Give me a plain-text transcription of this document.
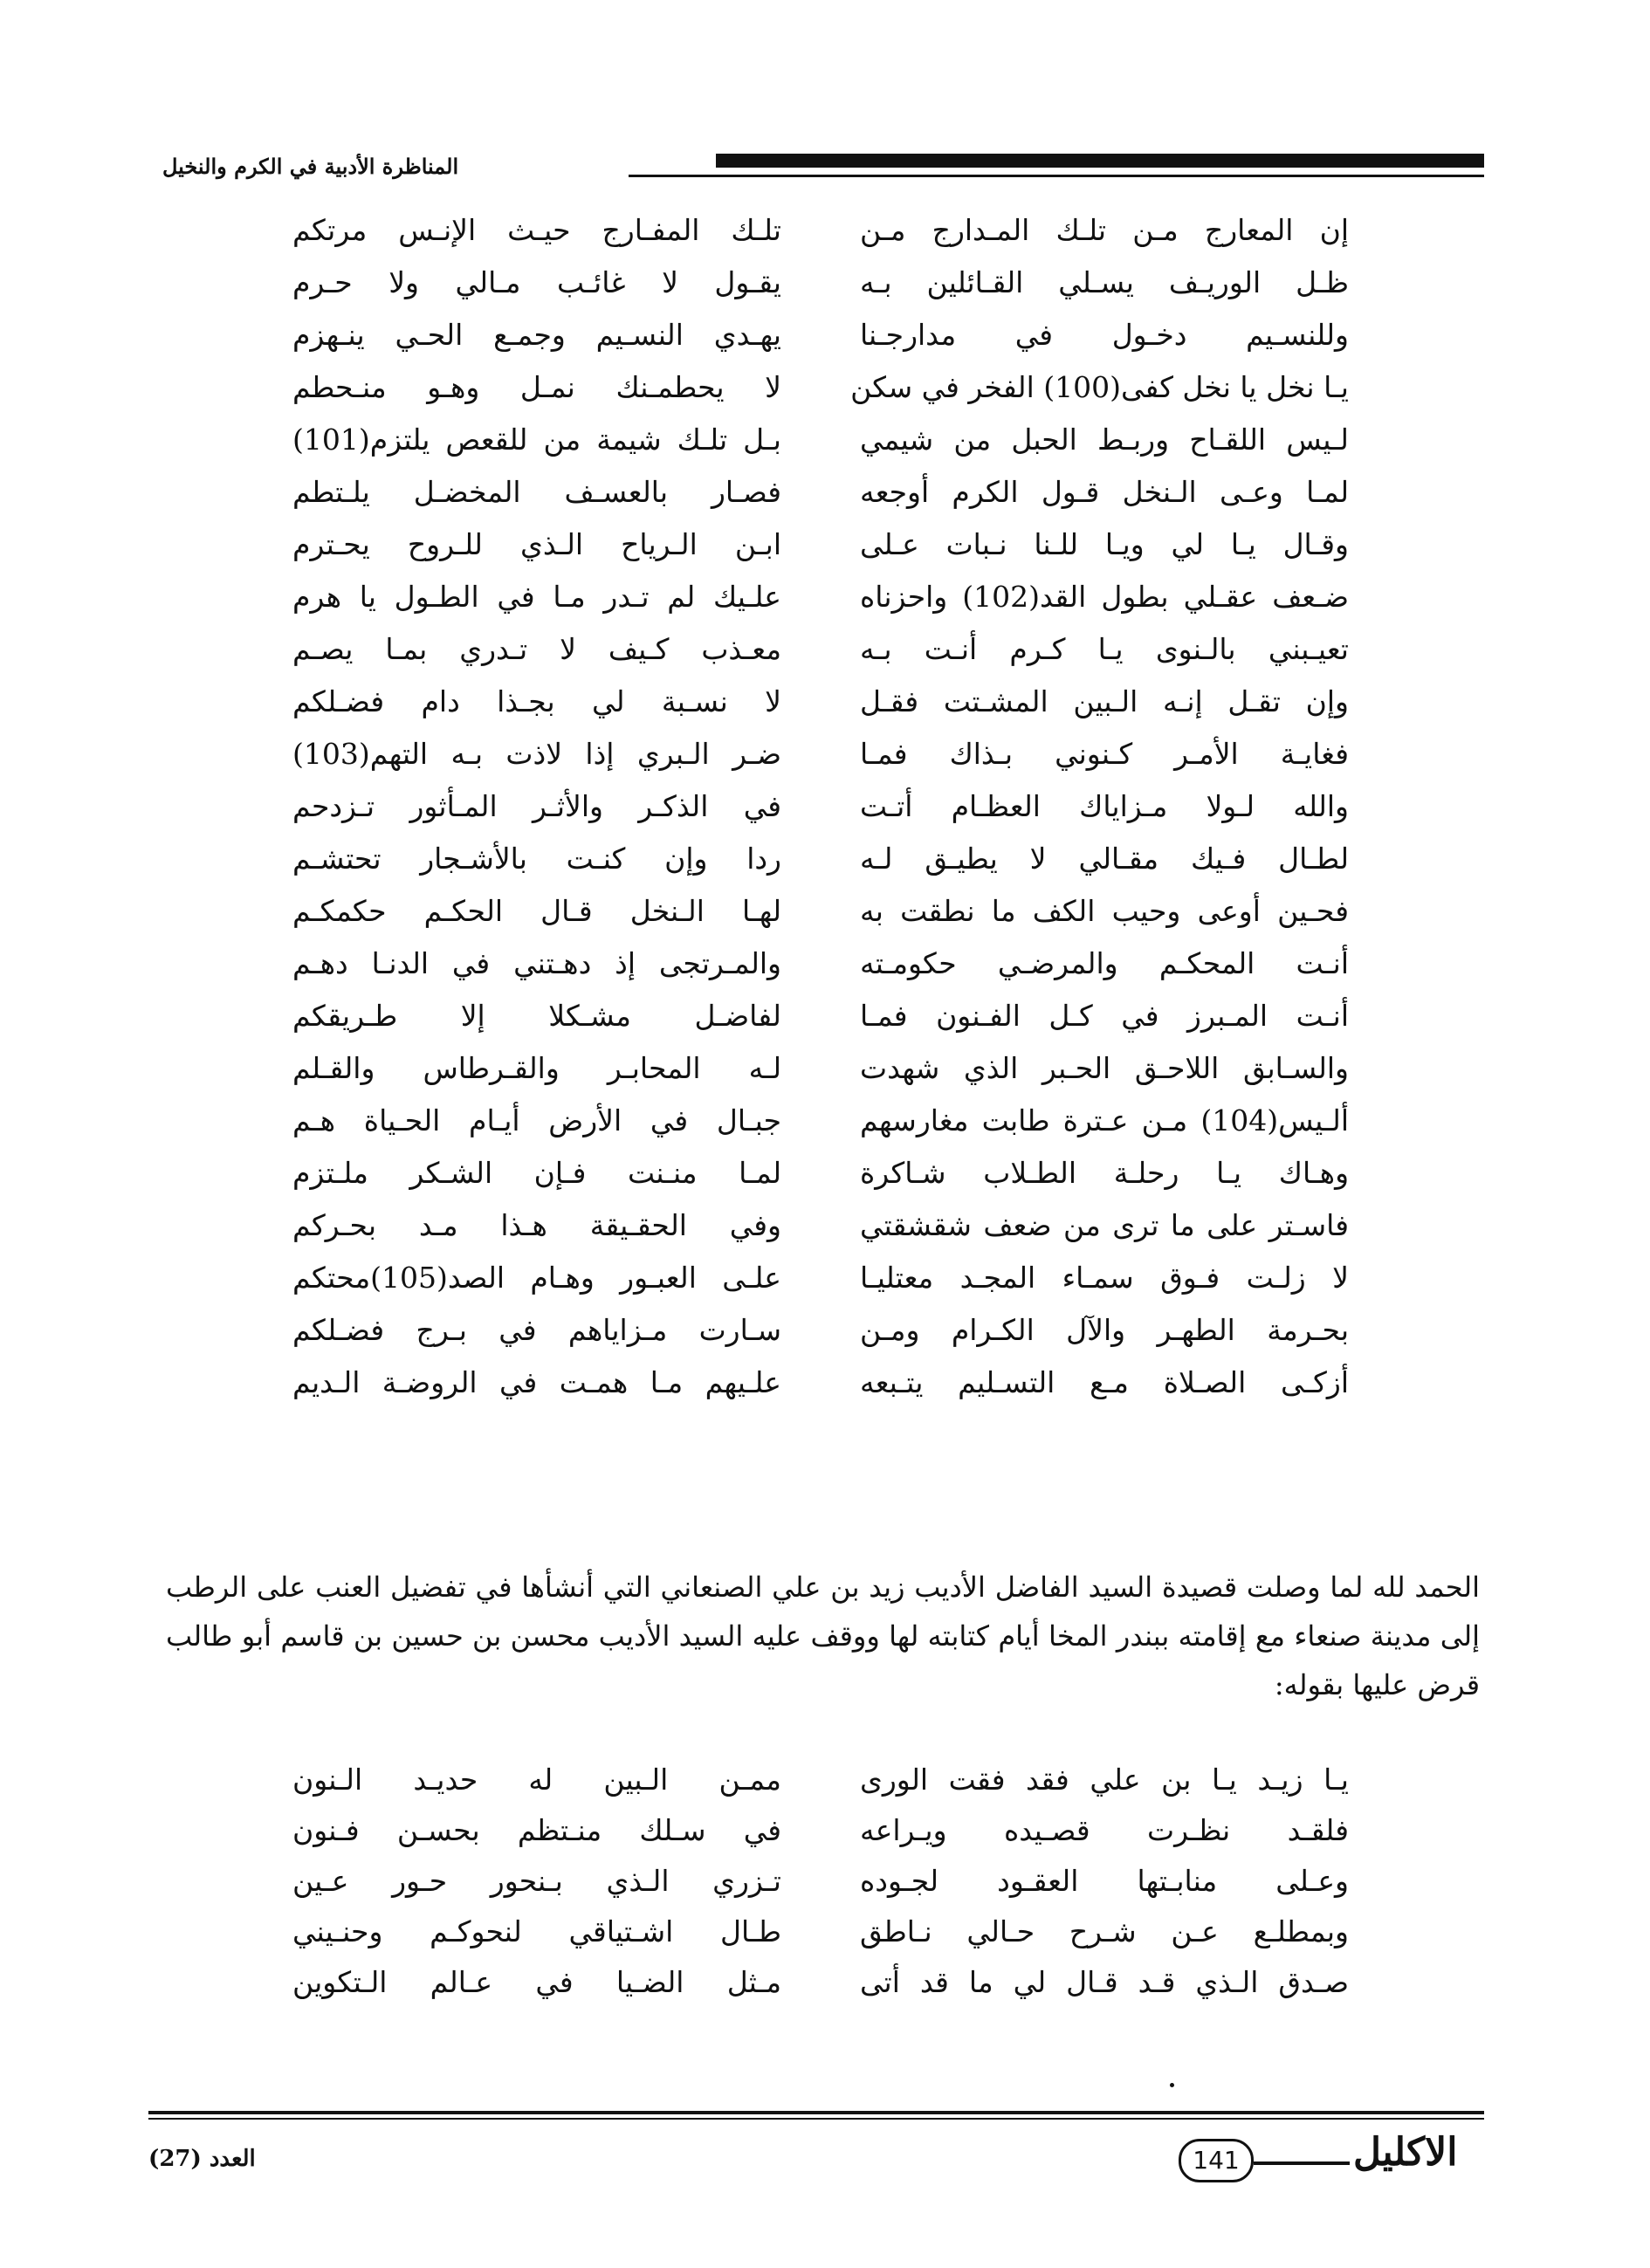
المناظرة الأدبية في الكرم والنخيل
إن المعارج مـن تلـك المـدارج مـن
ظـل الوريـف يسـلي القـائلين بـه
وللنسـيم دخـول في مدارجـنا
يـا نخل يا نخل كفى(100) الفخر في سكن
لـيس اللقـاح وربـط الحبل من شيمي
لمـا وعـى الـنخل قـول الكرم أوجعه
وقـال يـا لي ويـا للـنا نـبات عـلى
ضـعف عقـلي بطول القد(102) واحزناه
تعيـبني بالـنوى يـا كـرم أنـت بـه
وإن تقـل إنـه الـبين المشـتت فقـل
فغايـة الأمـر كـنوني بـذاك فمـا
والله لـولا مـزاياك العظـام أتـت
لطـال فـيك مقـالي لا يطيـق لـه
فحـين أوعى وحيب الكف ما نطقت به
أنـت المحكـم والمرضـي حكومـته
أنـت المـبرز في كـل الفـنون فمـا
والسـابق اللاحـق الحـبر الذي شهدت
ألـيس(104) مـن عـترة طابت مغارسهم
وهـاك يـا رحلـة الطـلاب شـاكرة
فاسـتر على ما ترى من ضعف شقشقتي
لا زلـت فـوق سمـاء المجـد معتليـا
بحـرمة الطهـر والآل الكـرام ومـن
أزكـى الصـلاة مـع التسـليم يتـبعه
تلـك المفـارج حيـث الإنـس مرتكم
يقـول لا غائـب مـالي ولا حـرم
يهـدي النسـيم وجمـع الحـي ينـهزم
لا يحطمـنك نمـل وهـو منـحطم
بـل تلـك شيمة من للقعص يلتزم(101)
فصـار بالعسـف المخضـل يلـتطم
ابـن الـرياح الـذي للـروح يحـترم
علـيك لم تـدر مـا في الطـول يا هرم
معـذب كـيف لا تـدري بمـا يصـم
لا نسـبة لي بجـذا دام فضـلكم
ضـر الـبري إذا لاذت بـه التهم(103)
في الذكـر والأثـر المـأثور تـزدحم
ردا وإن كنـت بالأشـجار تحتشـم
لهـا الـنخل قـال الحكـم حكمكـم
والمـرتجى إذ دهـتني في الدنـا دهـم
لفاضـل مشـكلا إلا طـريقكم
لـه المحابـر والقـرطاس والقـلم
جبـال في الأرض أيـام الحـياة هـم
لمـا منـنت فـإن الشـكر ملـتزم
وفي الحقـيقة هـذا مـد بحـركم
علـى العبـور وهـام الصد(105)محتكم
سـارت مـزاياهم في بـرج فضـلكم
علـيهم مـا همـت في الروضـة الـديم
الحمد لله لما وصلت قصيدة السيد الفاضل الأديب زيد بن علي الصنعاني التي أنشأها في تفضيل العنب على الرطب إلى مدينة صنعاء مع إقامته ببندر المخا أيام كتابته لها ووقف عليه السيد الأديب محسن بن حسين بن قاسم أبو طالب قرض عليها بقوله:
يـا زيـد يـا بن علي فقد فقت الورى
فلقـد نظـرت قصـيده ويـراعه
وعـلى منابـتها العقـود لجـوده
وبمطلـع عـن شـرح حـالي نـاطق
صـدق الـذي قـد قـال لي ما قد أتى
ممـن الـبين له حديـد الـنون
في سـلك منـتظم بحسـن فـنون
تـزري الـذي بـنحور حـور عـين
طـال اشـتياقي لنحوكـم وحنـيني
مـثل الضـيا في عـالم الـتكوين
العدد (27)	141	الاكليل
